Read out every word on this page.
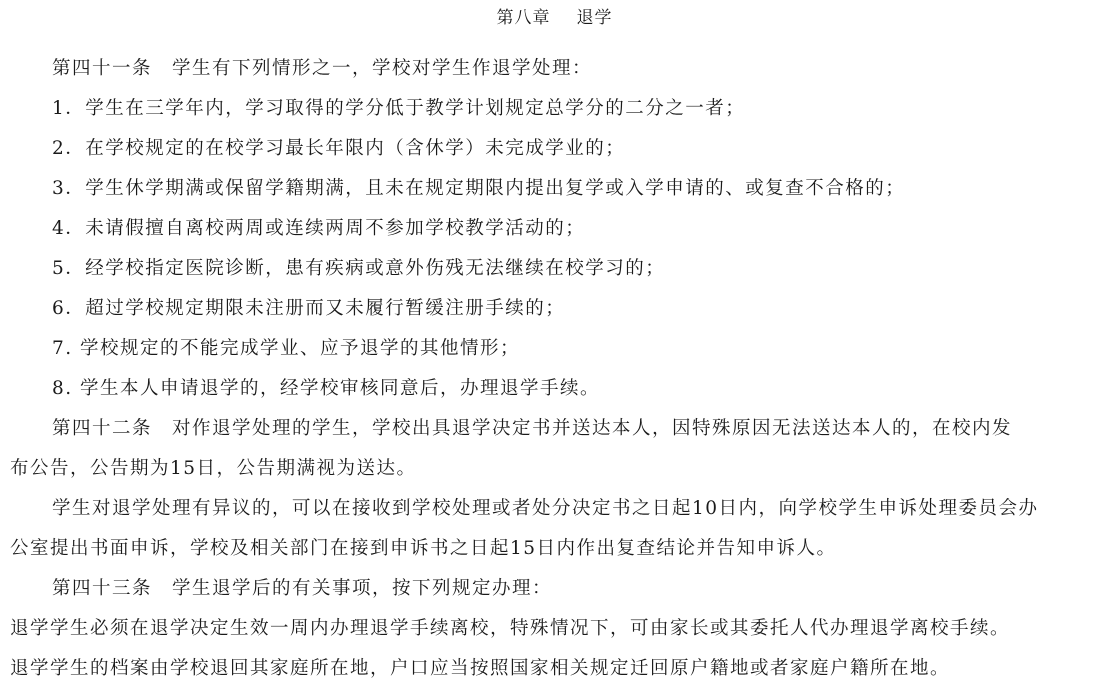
第八章 退学
第四十一条　学生有下列情形之一，学校对学生作退学处理：
1．学生在三学年内，学习取得的学分低于教学计划规定总学分的二分之一者；
2．在学校规定的在校学习最长年限内（含休学）未完成学业的；
3．学生休学期满或保留学籍期满，且未在规定期限内提出复学或入学申请的、或复查不合格的；
4．未请假擅自离校两周或连续两周不参加学校教学活动的；
5．经学校指定医院诊断，患有疾病或意外伤残无法继续在校学习的；
6．超过学校规定期限未注册而又未履行暂缓注册手续的；
7. 学校规定的不能完成学业、应予退学的其他情形；
8. 学生本人申请退学的，经学校审核同意后，办理退学手续。
第四十二条　对作退学处理的学生，学校出具退学决定书并送达本人，因特殊原因无法送达本人的，在校内发
布公告，公告期为15日，公告期满视为送达。
学生对退学处理有异议的，可以在接收到学校处理或者处分决定书之日起10日内，向学校学生申诉处理委员会办
公室提出书面申诉，学校及相关部门在接到申诉书之日起15日内作出复查结论并告知申诉人。
第四十三条　学生退学后的有关事项，按下列规定办理：
退学学生必须在退学决定生效一周内办理退学手续离校，特殊情况下，可由家长或其委托人代办理退学离校手续。
退学学生的档案由学校退回其家庭所在地，户口应当按照国家相关规定迁回原户籍地或者家庭户籍所在地。
